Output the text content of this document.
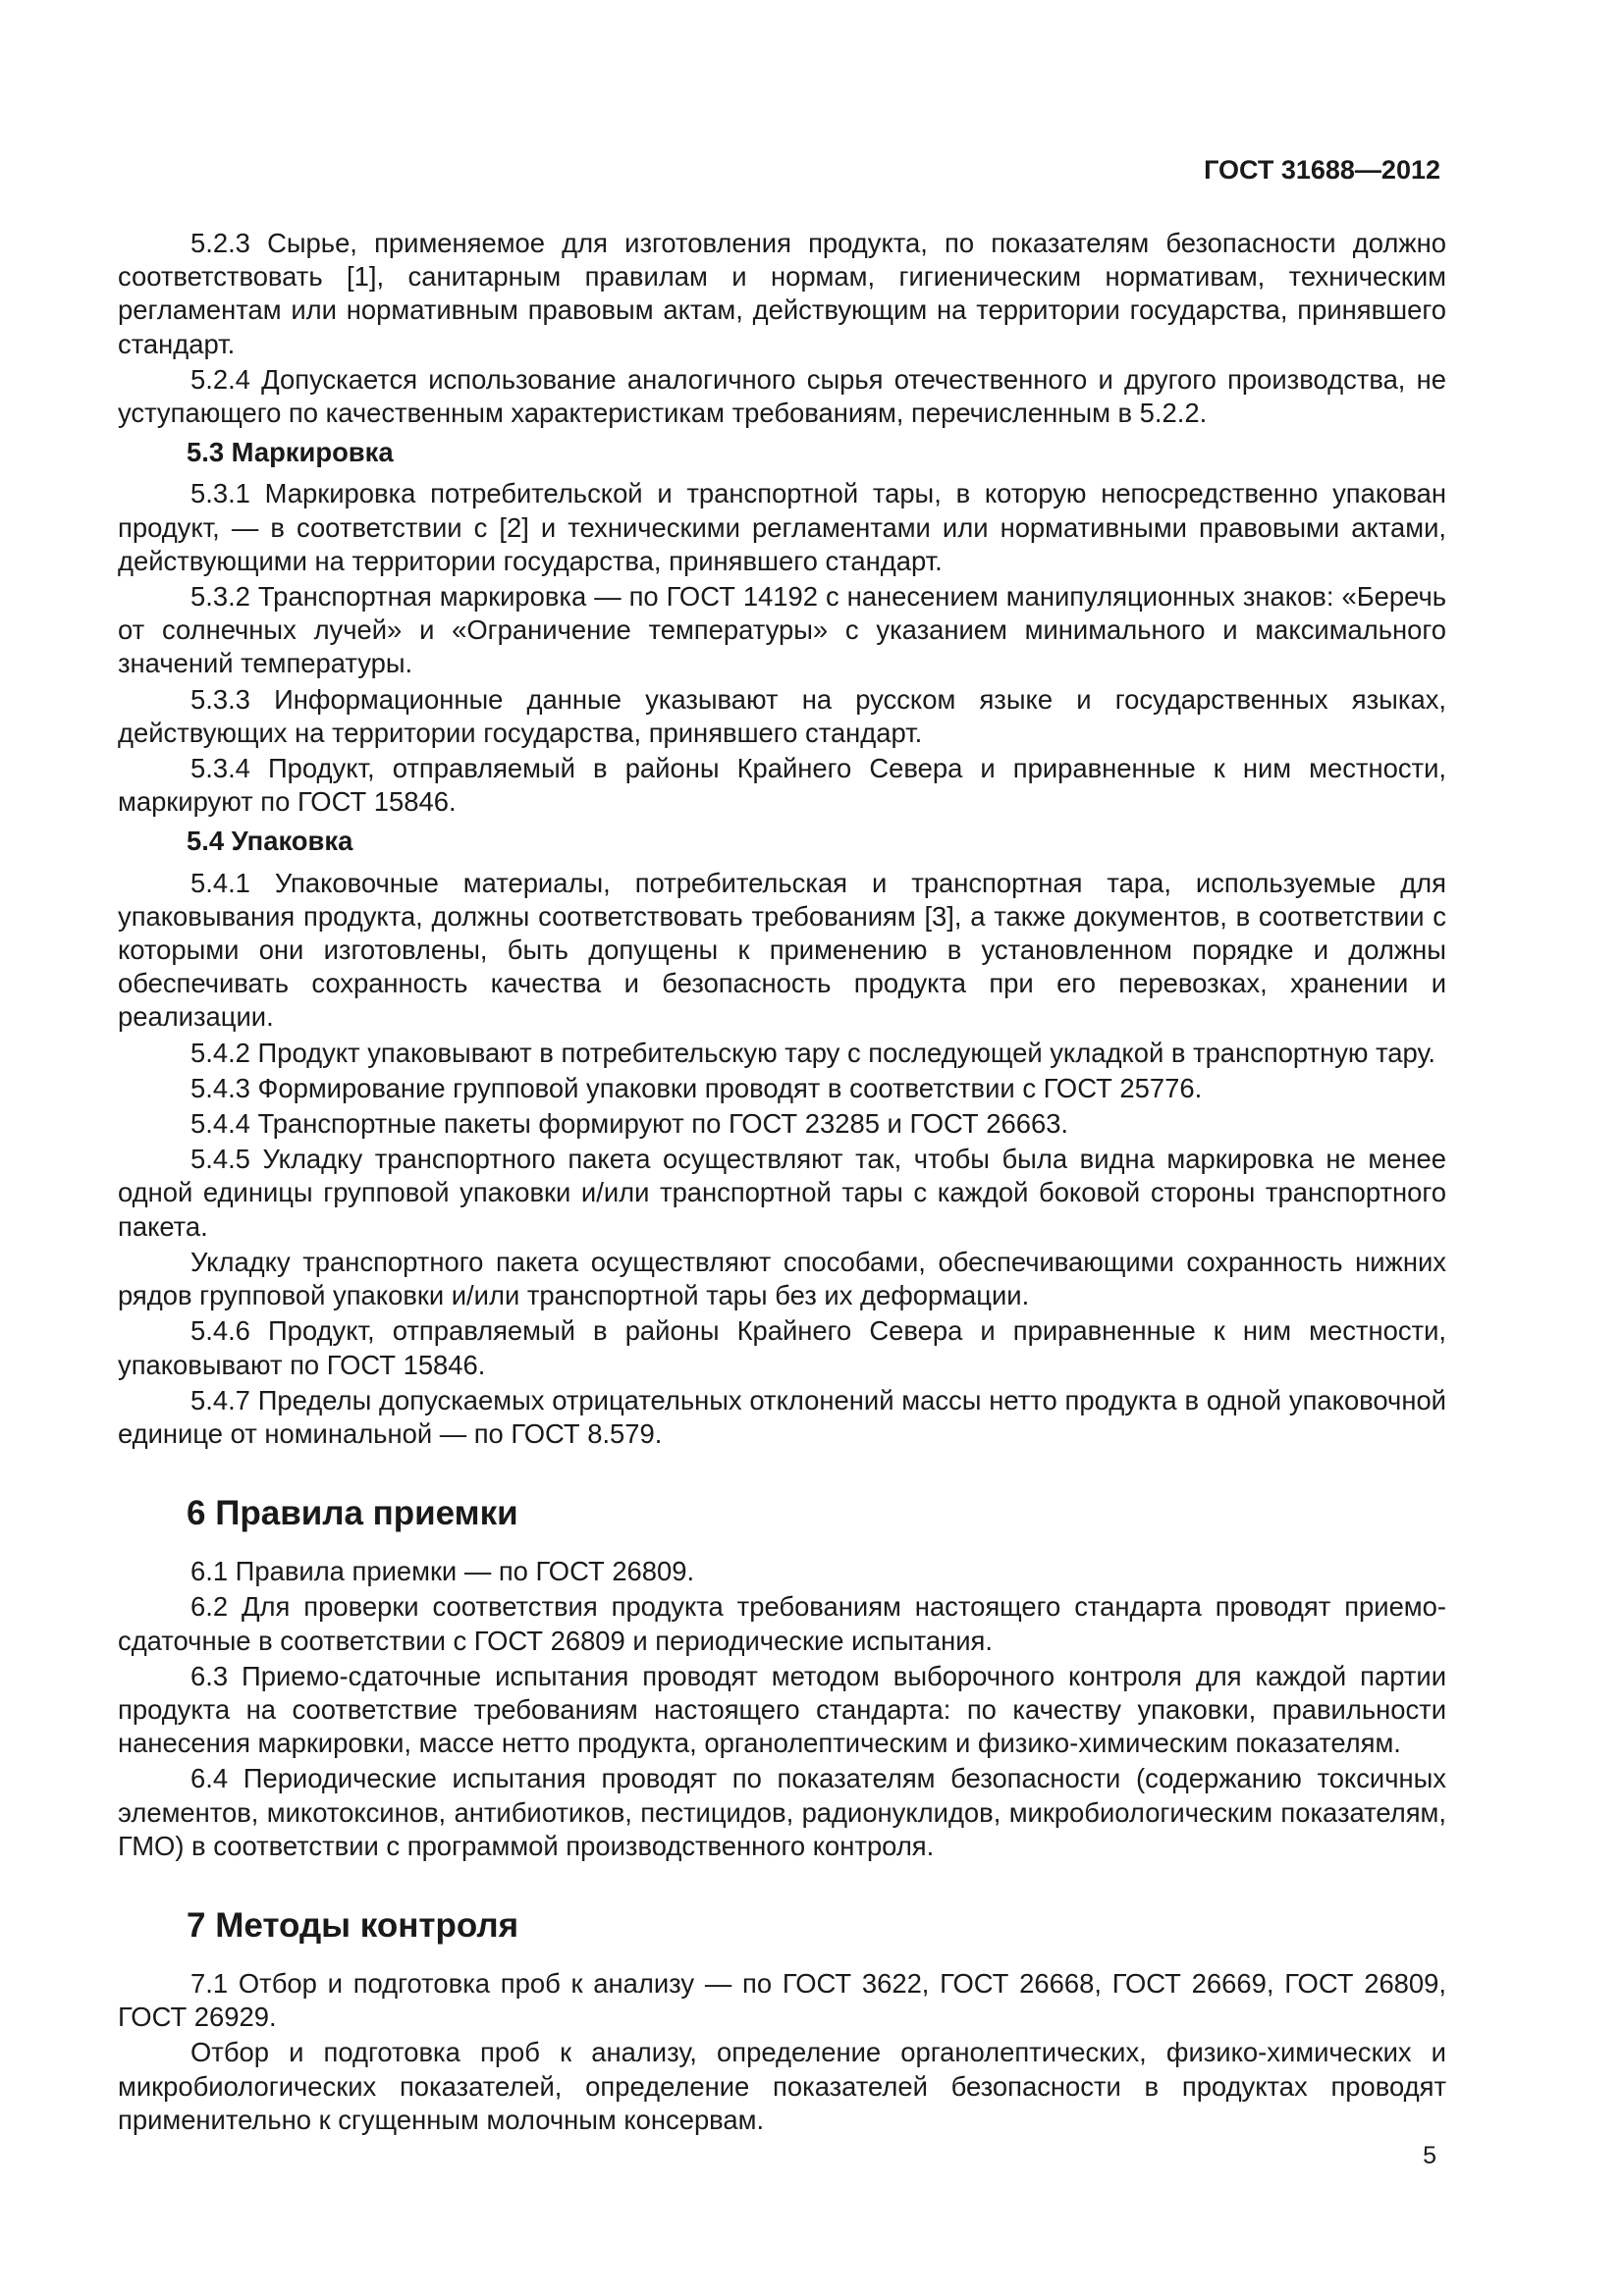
ГОСТ 31688—2012

5.2.3 Сырье, применяемое для изготовления продукта, по показателям безопасности должно соответствовать [1], санитарным правилам и нормам, гигиеническим нормативам, техническим регламентам или нормативным правовым актам, действующим на территории государства, принявшего стандарт.

5.2.4 Допускается использование аналогичного сырья отечественного и другого производства, не уступающего по качественным характеристикам требованиям, перечисленным в 5.2.2.

5.3 Маркировка

5.3.1 Маркировка потребительской и транспортной тары, в которую непосредственно упакован продукт, — в соответствии с [2] и техническими регламентами или нормативными правовыми актами, действующими на территории государства, принявшего стандарт.

5.3.2 Транспортная маркировка — по ГОСТ 14192 с нанесением манипуляционных знаков: «Беречь от солнечных лучей» и «Ограничение температуры» с указанием минимального и максимального значений температуры.

5.3.3 Информационные данные указывают на русском языке и государственных языках, действующих на территории государства, принявшего стандарт.

5.3.4 Продукт, отправляемый в районы Крайнего Севера и приравненные к ним местности, маркируют по ГОСТ 15846.

5.4 Упаковка

5.4.1 Упаковочные материалы, потребительская и транспортная тара, используемые для упаковывания продукта, должны соответствовать требованиям [3], а также документов, в соответствии с которыми они изготовлены, быть допущены к применению в установленном порядке и должны обеспечивать сохранность качества и безопасность продукта при его перевозках, хранении и реализации.

5.4.2 Продукт упаковывают в потребительскую тару с последующей укладкой в транспортную тару.

5.4.3 Формирование групповой упаковки проводят в соответствии с ГОСТ 25776.

5.4.4 Транспортные пакеты формируют по ГОСТ 23285 и ГОСТ 26663.

5.4.5 Укладку транспортного пакета осуществляют так, чтобы была видна маркировка не менее одной единицы групповой упаковки и/или транспортной тары с каждой боковой стороны транспортного пакета.

Укладку транспортного пакета осуществляют способами, обеспечивающими сохранность нижних рядов групповой упаковки и/или транспортной тары без их деформации.

5.4.6 Продукт, отправляемый в районы Крайнего Севера и приравненные к ним местности, упаковывают по ГОСТ 15846.

5.4.7 Пределы допускаемых отрицательных отклонений массы нетто продукта в одной упаковочной единице от номинальной — по ГОСТ 8.579.

6 Правила приемки

6.1 Правила приемки — по ГОСТ 26809.

6.2 Для проверки соответствия продукта требованиям настоящего стандарта проводят приемо-сдаточные в соответствии с ГОСТ 26809 и периодические испытания.

6.3 Приемо-сдаточные испытания проводят методом выборочного контроля для каждой партии продукта на соответствие требованиям настоящего стандарта: по качеству упаковки, правильности нанесения маркировки, массе нетто продукта, органолептическим и физико-химическим показателям.

6.4 Периодические испытания проводят по показателям безопасности (содержанию токсичных элементов, микотоксинов, антибиотиков, пестицидов, радионуклидов, микробиологическим показателям, ГМО) в соответствии с программой производственного контроля.

7 Методы контроля

7.1 Отбор и подготовка проб к анализу — по ГОСТ 3622, ГОСТ 26668, ГОСТ 26669, ГОСТ 26809, ГОСТ 26929.

Отбор и подготовка проб к анализу, определение органолептических, физико-химических и микробиологических показателей, определение показателей безопасности в продуктах проводят применительно к сгущенным молочным консервам.

5
